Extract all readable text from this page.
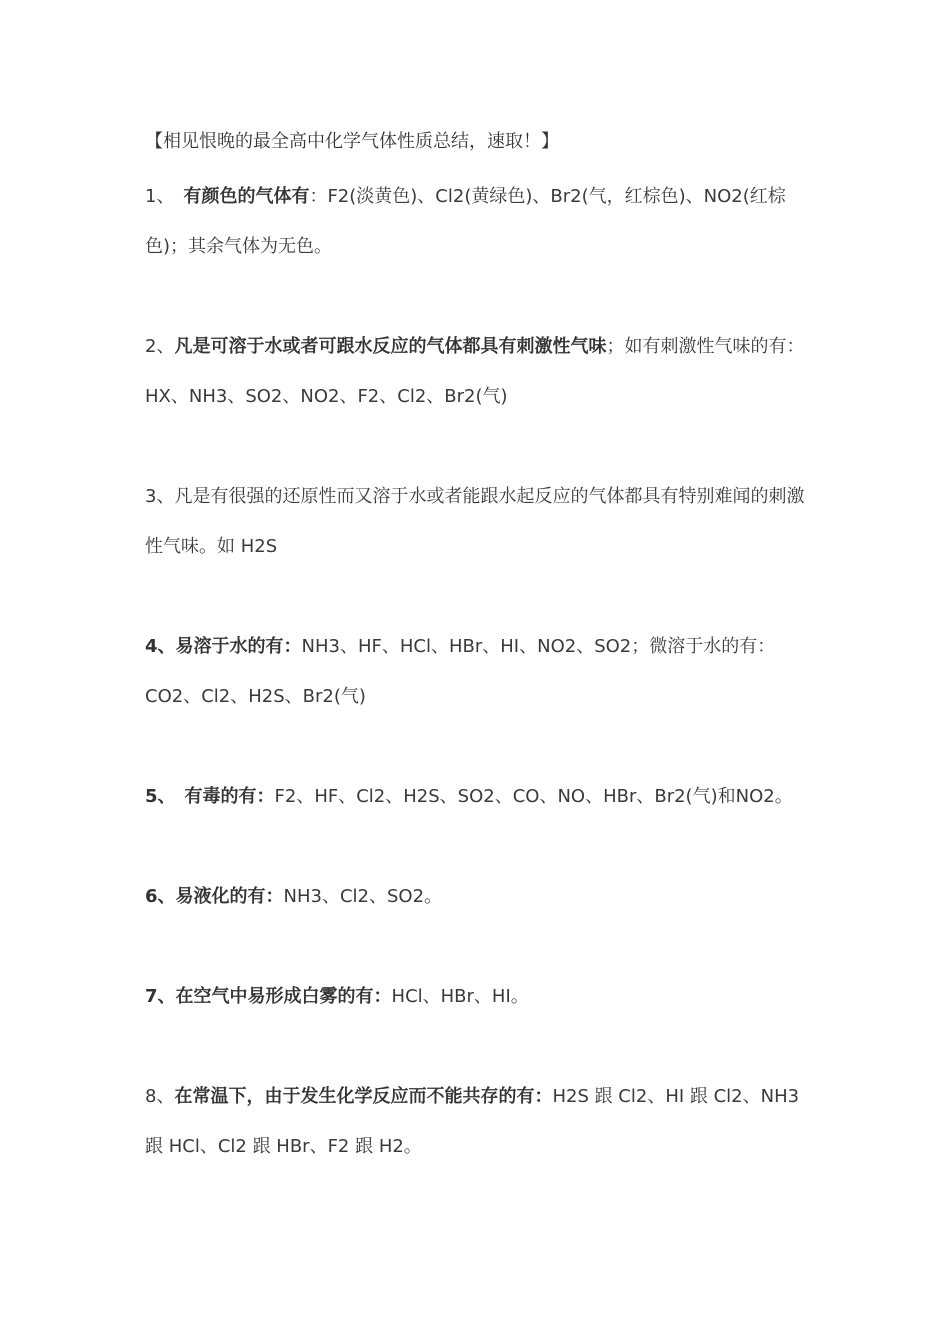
【相见恨晚的最全高中化学气体性质总结，速取！】

1、　有颜色的气体有：F2(淡黄色)、Cl2(黄绿色)、Br2(气，红棕色)、NO2(红棕色)；其余气体为无色。

2、凡是可溶于水或者可跟水反应的气体都具有刺激性气味；如有刺激性气味的有：HX、NH3、SO2、NO2、F2、Cl2、Br2(气)

3、凡是有很强的还原性而又溶于水或者能跟水起反应的气体都具有特别难闻的刺激性气味。如 H2S

4、易溶于水的有：NH3、HF、HCl、HBr、HI、NO2、SO2；微溶于水的有：CO2、Cl2、H2S、Br2(气)

5、　有毒的有：F2、HF、Cl2、H2S、SO2、CO、NO、HBr、Br2(气)和NO2。

6、易液化的有：NH3、Cl2、SO2。

7、在空气中易形成白雾的有：HCl、HBr、HI。

8、在常温下，由于发生化学反应而不能共存的有：H2S 跟 Cl2、HI 跟 Cl2、NH3 跟 HCl、Cl2 跟 HBr、F2 跟 H2。
